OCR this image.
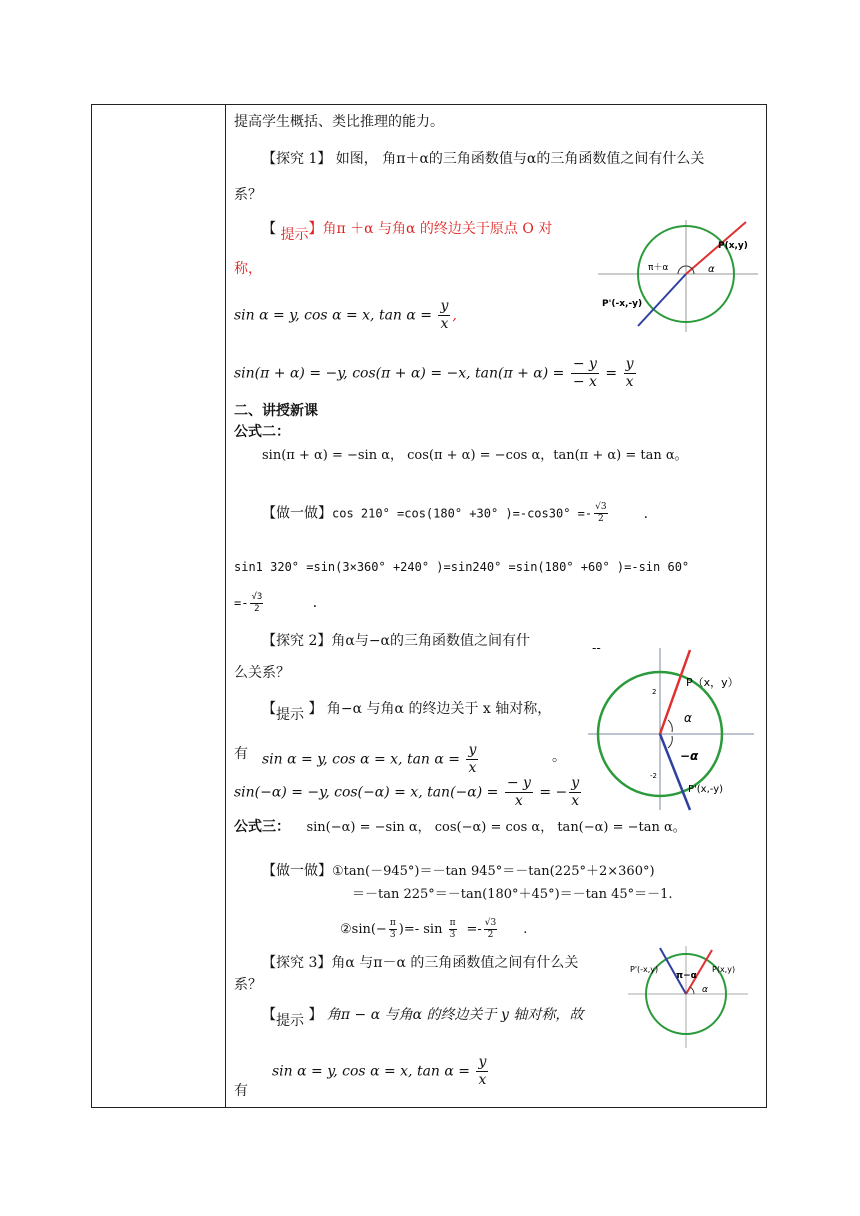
提高学生概括、类比推理的能力。
【探究 1】 如图， 角π＋α的三角函数值与α的三角函数值之间有什么关
系？
【 提示】角π ＋α 与角α 的终边关于原点 O 对
称，
sin α = y, cos α = x, $\tan \alpha = \frac{y}{x}$ ,
sin(π + α) = −y, cos(π + α) = −x, $\tan(\pi + \alpha) = \frac{- y}{- x} = \frac{y}{x}$
二、讲授新课
公式二：
sin(π + α) = −sin α， cos(π + α) = −cos α，tan(π + α) = tan α。
【做一做】cos 210° =cos(180° +30° )$=-\cos 30^\circ =- \frac{√3}{2}$	.
sin1 320° =sin(3×360° +240° )=sin240° =sin(180° +60° )=-sin 60°
=- $\frac{√3}{2}$	.
【探究 2】角α与−α的三角函数值之间有什	--
么关系？
【提示 】 角−α 与角α 的终边关于 x 轴对称，
有 sin α = y, cos α = x, $\tan \alpha = \frac{y}{x}$	。
sin(−α) = −y, cos(−α) = x, $\tan(-\alpha) = \frac{- y}{x}$ = − $\frac{y}{x}$
公式三： sin(−α) = −sin α， cos(−α) = cos α， tan(−α) = −tan α。
【做一做】①tan(－945°)＝－tan 945°＝－tan(225°＋2×360°)
＝－tan 225°＝－tan(180°＋45°)＝－tan 45°＝－1.
②sin(− $\frac{\pi}{3}$ )=- $\sin \frac{\pi}{3} =- \frac{√3}{2}$ .
【探究 3】角α 与π－α 的三角函数值之间有什么关
系？
【提示 】 角π − α 与角α 的终边关于 y 轴对称，故
sin α = y, cos α = x, $\tan \alpha = \frac{y}{x}$
有
P(x,y)
P'(-x,-y)
α
π＋α
P（x，y）
P'(x,-y)
α
−α
2
-2
P(x,y)
P'(-x,y)
α
π−α
